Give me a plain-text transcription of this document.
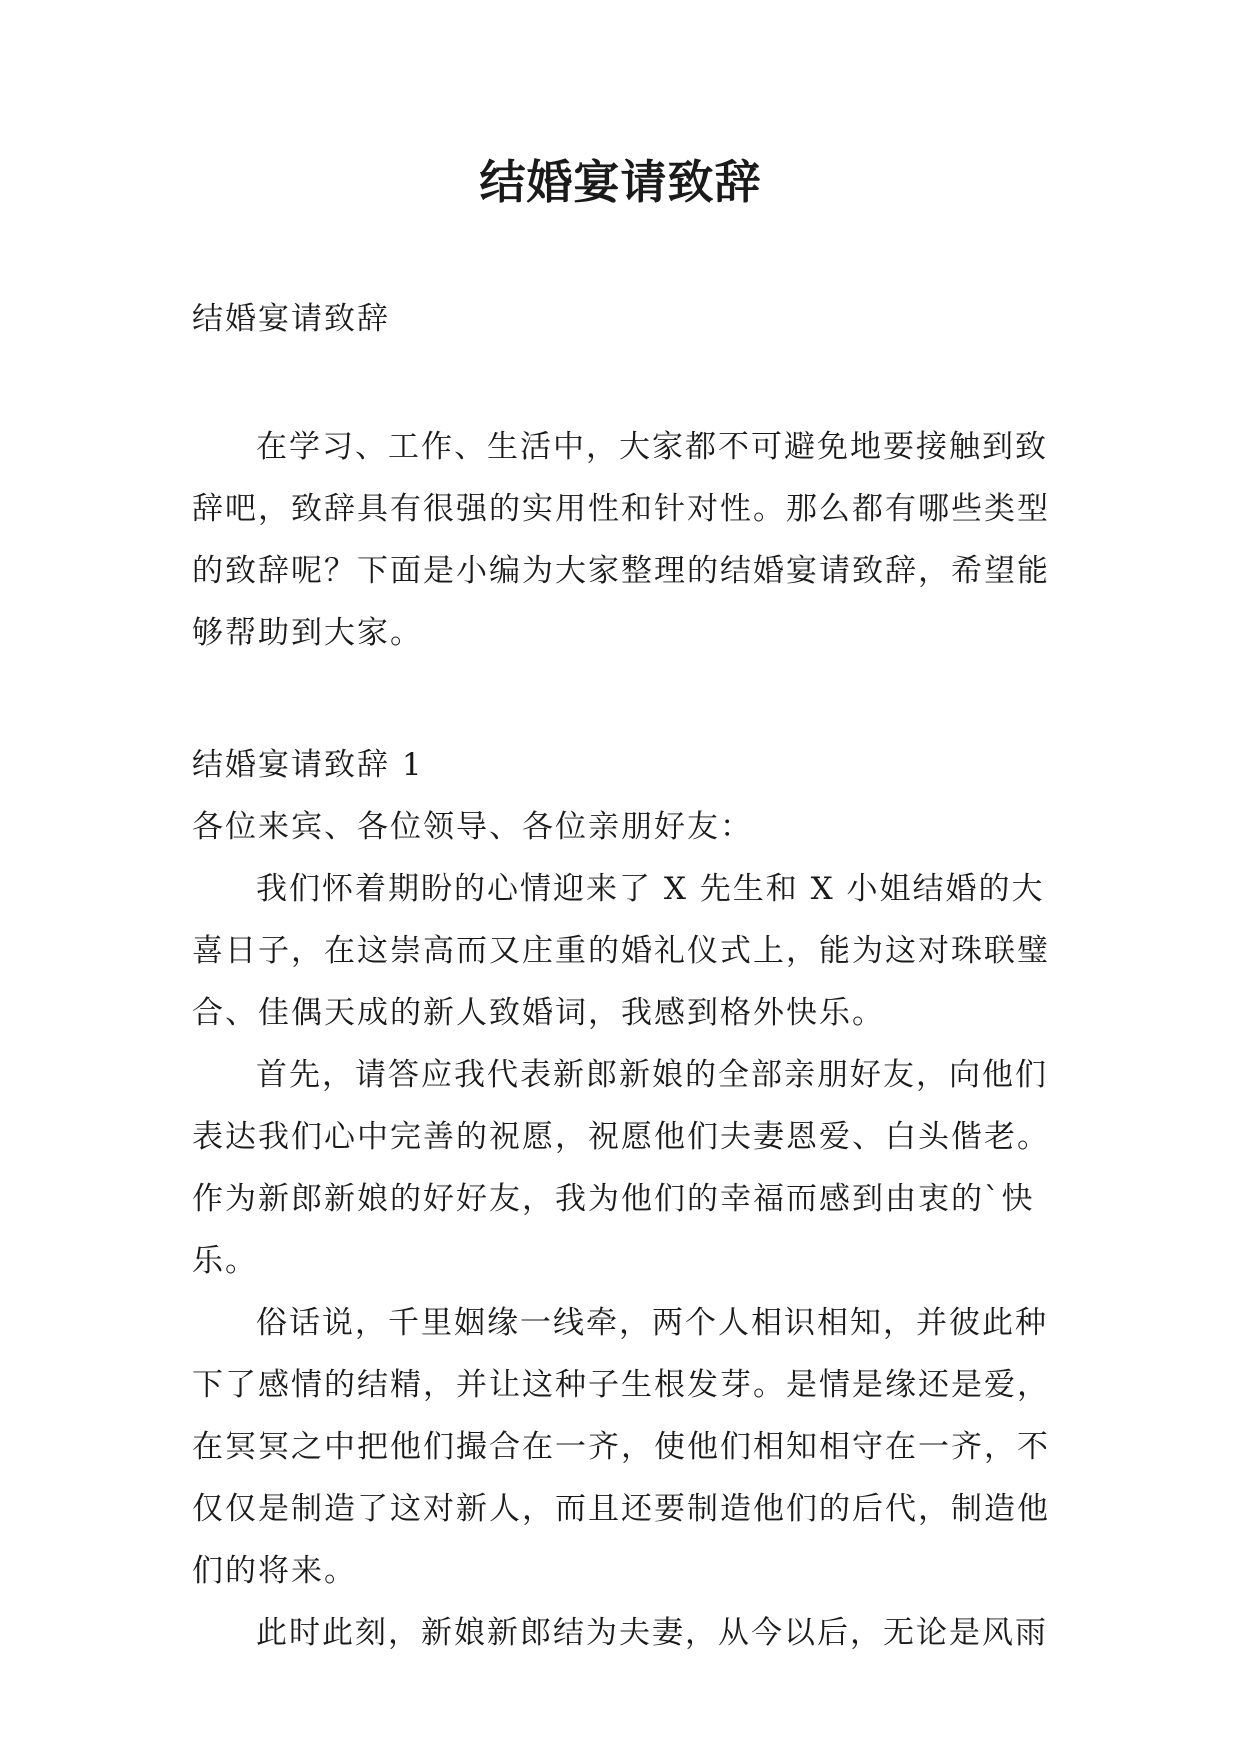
结婚宴请致辞

结婚宴请致辞

在学习、工作、生活中，大家都不可避免地要接触到致辞吧，致辞具有很强的实用性和针对性。那么都有哪些类型的致辞呢？下面是小编为大家整理的结婚宴请致辞，希望能够帮助到大家。

结婚宴请致辞 1

各位来宾、各位领导、各位亲朋好友：

我们怀着期盼的心情迎来了 X 先生和 X 小姐结婚的大喜日子，在这崇高而又庄重的婚礼仪式上，能为这对珠联璧合、佳偶天成的新人致婚词，我感到格外快乐。

首先，请答应我代表新郎新娘的全部亲朋好友，向他们表达我们心中完善的祝愿，祝愿他们夫妻恩爱、白头偕老。作为新郎新娘的好好友，我为他们的幸福而感到由衷的`快乐。

俗话说，千里姻缘一线牵，两个人相识相知，并彼此种下了感情的结精，并让这种子生根发芽。是情是缘还是爱，在冥冥之中把他们撮合在一齐，使他们相知相守在一齐，不仅仅是制造了这对新人，而且还要制造他们的后代，制造他们的将来。

此时此刻，新娘新郎结为夫妻，从今以后，无论是风雨
